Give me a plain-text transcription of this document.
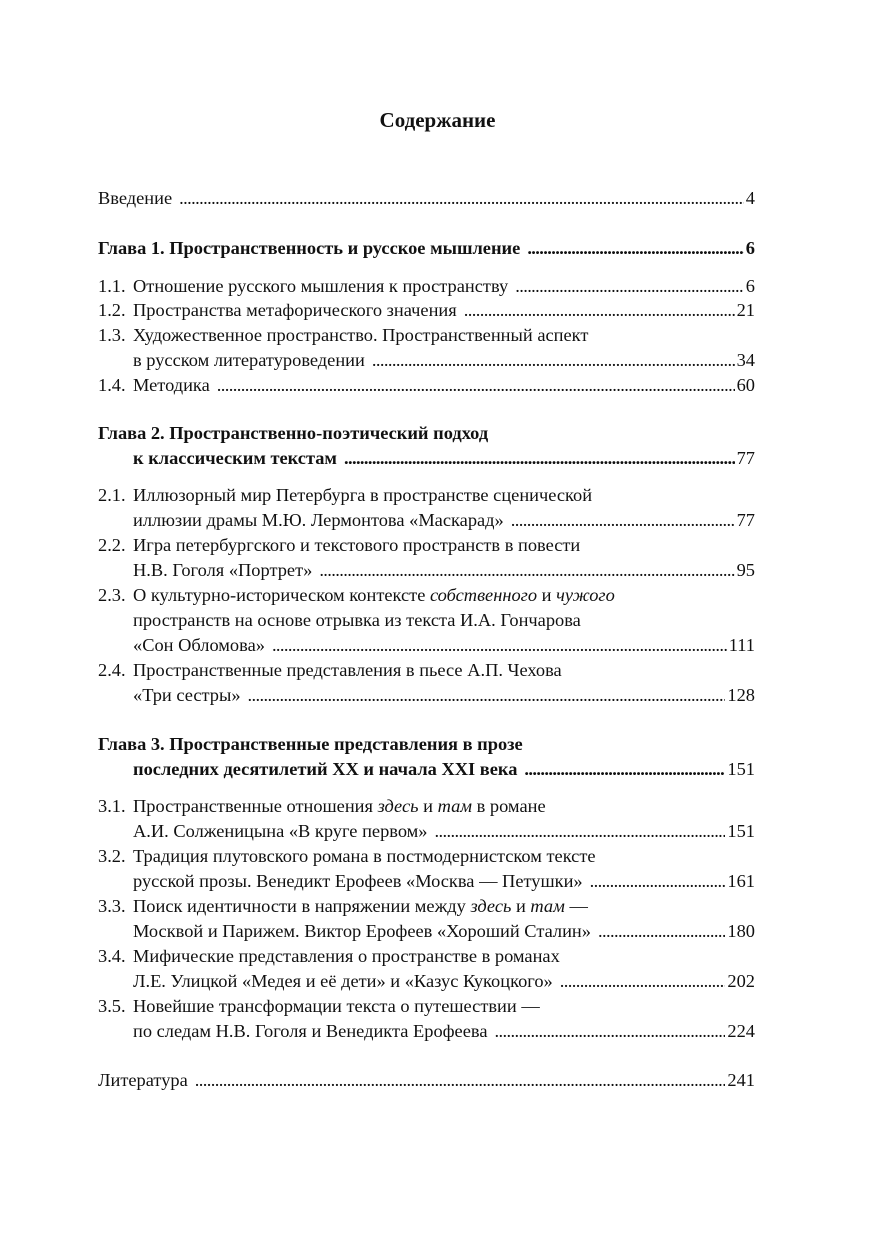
Содержание
Введение . . .	4
Глава 1. Пространственность и русское мышление . . .	6
1.1. Отношение русского мышления к пространству . . .	6
1.2. Пространства метафорического значения . . .	21
1.3. Художественное пространство. Пространственный аспект
в русском литературоведении . . .	34
1.4. Методика . . .	60
Глава 2. Пространственно-поэтический подход
к классическим текстам . . .	77
2.1. Иллюзорный мир Петербурга в пространстве сценической
иллюзии драмы М.Ю. Лермонтова «Маскарад» . . .	77
2.2. Игра петербургского и текстового пространств в повести
Н.В. Гоголя «Портрет» . . .	95
2.3. О культурно-историческом контексте собственного и чужого
пространств на основе отрывка из текста И.А. Гончарова
«Сон Обломова» . . .	111
2.4. Пространственные представления в пьесе А.П. Чехова
«Три сестры» . . .	128
Глава 3. Пространственные представления в прозе
последних десятилетий XX и начала XXI века . . .	151
3.1. Пространственные отношения здесь и там в романе
А.И. Солженицына «В круге первом» . . .	151
3.2. Традиция плутовского романа в постмодернистском тексте
русской прозы. Венедикт Ерофеев «Москва — Петушки» . . .	161
3.3. Поиск идентичности в напряжении между здесь и там —
Москвой и Парижем. Виктор Ерофеев «Хороший Сталин» . . .	180
3.4. Мифические представления о пространстве в романах
Л.Е. Улицкой «Медея и её дети» и «Казус Кукоцкого» . . .	202
3.5. Новейшие трансформации текста о путешествии —
по следам Н.В. Гоголя и Венедикта Ерофеева . . .	224
Литература . . .	241
